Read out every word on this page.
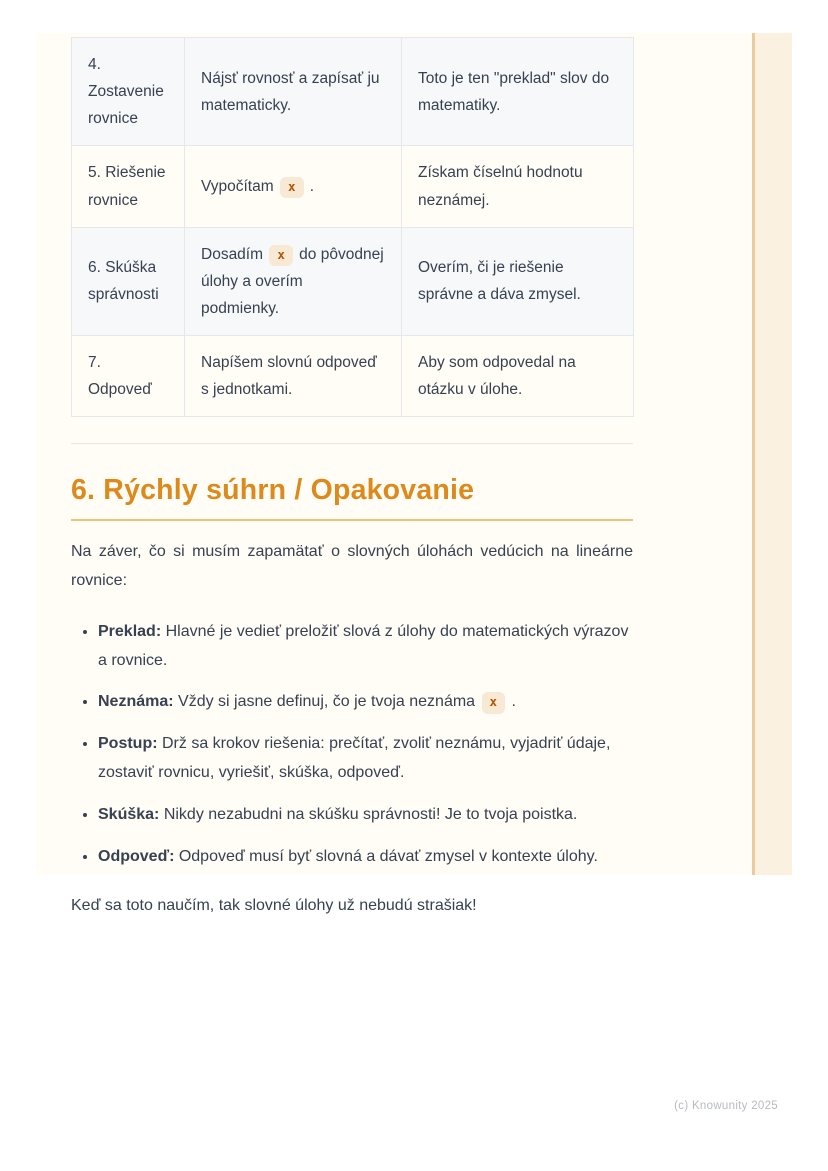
4. Zostavenie rovnice	Nájsť rovnosť a zapísať ju matematicky.	Toto je ten "preklad" slov do matematiky.
5. Riešenie rovnice	Vypočítam x .	Získam číselnú hodnotu neznámej.
6. Skúška správnosti	Dosadím x do pôvodnej úlohy a overím podmienky.	Overím, či je riešenie správne a dáva zmysel.
7. Odpoveď	Napíšem slovnú odpoveď s jednotkami.	Aby som odpovedal na otázku v úlohe.
6. Rýchly súhrn / Opakovanie

Na záver, čo si musím zapamätať o slovných úlohách vedúcich na lineárne rovnice:

• Preklad: Hlavné je vedieť preložiť slová z úlohy do matematických výrazov a rovnice.
• Neznáma: Vždy si jasne definuj, čo je tvoja neznáma x .
• Postup: Drž sa krokov riešenia: prečítať, zvoliť neznámu, vyjadriť údaje, zostaviť rovnicu, vyriešiť, skúška, odpoveď.
• Skúška: Nikdy nezabudni na skúšku správnosti! Je to tvoja poistka.
• Odpoveď: Odpoveď musí byť slovná a dávať zmysel v kontexte úlohy.

Keď sa toto naučím, tak slovné úlohy už nebudú strašiak!

(c) Knowunity 2025
